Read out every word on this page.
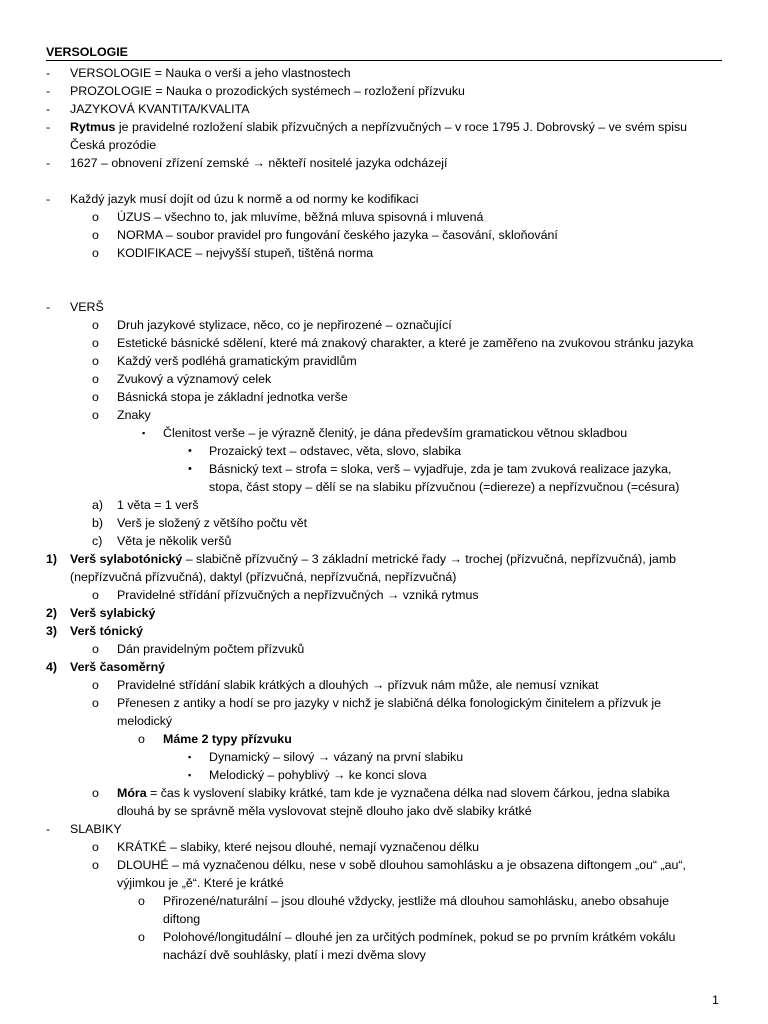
VERSOLOGIE
- VERSOLOGIE = Nauka o verši a jeho vlastnostech
- PROZOLOGIE = Nauka o prozodických systémech – rozložení přízvuku
- JAZYKOVÁ KVANTITA/KVALITA
- Rytmus je pravidelné rozložení slabik přízvučných a nepřízvučných – v roce 1795 J. Dobrovský – ve svém spisu
Česká prozódie
- 1627 – obnovení zřízení zemské → někteří nositelé jazyka odcházejí
- Každý jazyk musí dojít od úzu k normě a od normy ke kodifikaci
o ÚZUS – všechno to, jak mluvíme, běžná mluva spisovná i mluvená
o NORMA – soubor pravidel pro fungování českého jazyka – časování, skloňování
o KODIFIKACE – nejvyšší stupeň, tištěná norma
- VERŠ
o Druh jazykové stylizace, něco, co je nepřirozené – označující
o Estetické básnické sdělení, které má znakový charakter, a které je zaměřeno na zvukovou stránku jazyka
o Každý verš podléhá gramatickým pravidlům
o Zvukový a významový celek
o Básnická stopa je základní jednotka verše
o Znaky
▪ Členitost verše – je výrazně členitý, je dána především gramatickou větnou skladbou
• Prozaický text – odstavec, věta, slovo, slabika
• Básnický text – strofa = sloka, verš – vyjadřuje, zda je tam zvuková realizace jazyka,
stopa, část stopy – dělí se na slabiku přízvučnou (=diereze) a nepřízvučnou (=césura)
a) 1 věta = 1 verš
b) Verš je složený z většího počtu vět
c) Věta je několik veršů
1) Verš sylabotónický – slabičně přízvučný – 3 základní metrické řady → trochej (přízvučná, nepřízvučná), jamb
(nepřízvučná přízvučná), daktyl (přízvučná, nepřízvučná, nepřízvučná)
o Pravidelné střídání přízvučných a nepřízvučných → vzniká rytmus
2) Verš sylabický
3) Verš tónický
o Dán pravidelným počtem přízvuků
4) Verš časoměrný
o Pravidelné střídání slabik krátkých a dlouhých → přízvuk nám může, ale nemusí vznikat
o Přenesen z antiky a hodí se pro jazyky v nichž je slabičná délka fonologickým činitelem a přízvuk je
melodický
o Máme 2 typy přízvuku
▪ Dynamický – silový → vázaný na první slabiku
▪ Melodický – pohyblivý → ke konci slova
o Móra = čas k vyslovení slabiky krátké, tam kde je vyznačena délka nad slovem čárkou, jedna slabika
dlouhá by se správně měla vyslovovat stejně dlouho jako dvě slabiky krátké
- SLABIKY
o KRÁTKÉ – slabiky, které nejsou dlouhé, nemají vyznačenou délku
o DLOUHÉ – má vyznačenou délku, nese v sobě dlouhou samohlásku a je obsazena diftongem „ou“ „au“,
výjimkou je „ě“. Které je krátké
o Přirozené/naturální – jsou dlouhé vždycky, jestliže má dlouhou samohlásku, anebo obsahuje
diftong
o Polohové/longitudální – dlouhé jen za určitých podmínek, pokud se po prvním krátkém vokálu
nachází dvě souhlásky, platí i mezi dvěma slovy
1
